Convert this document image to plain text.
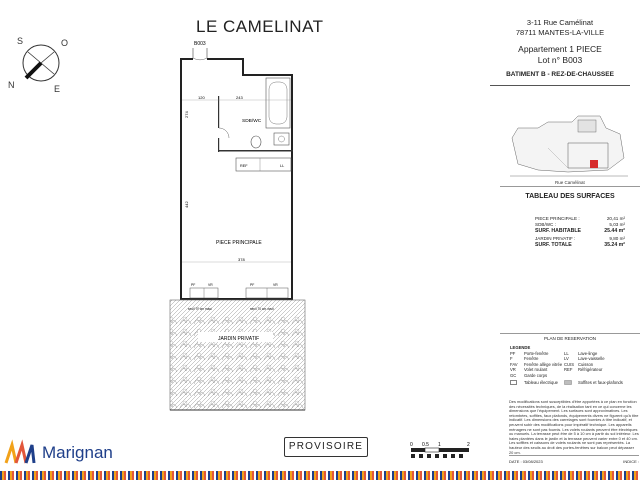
LE CAMELINAT
S	O
N	E
B003
REF	LL
120	243
274
442
378
SDB/WC
PIECE PRINCIPALE
PF	VR	PF	VR
JARDIN PRIVATIF
3-11 Rue Camélinat
78711 MANTES-LA-VILLE
Appartement 1 PIECE
Lot n° B003
BATIMENT B - REZ-DE-CHAUSSEE
Rue Camélinat
TABLEAU DES SURFACES
PIECE PRINCIPALE :	20,41 m²
SDB/WC :	5,03 m²
SURF. HABITABLE	25.44 m²
JARDIN PRIVATIF :	9,80 m²
SURF. TOTALE	35.24 m²
PLAN DE RESERVATION
LEGENDE
PF	Porte-fenêtre	LL	Lave-linge
F	Fenêtre	LV	Lave-vaisselle
FAV	Fenêtre allège vitrée CUIS Cuisson
VR	Volet roulant	REF	Réfrigérateur
GC	Garde corps
Tableau électrique	Soffites et faux-plafonds
Des modifications sont susceptibles d'être apportées à ce plan en fonction des nécessités techniques, de la réalisation tant en ce qui concerne les dimensions que l'équipement. Les surfaces sont approximatives. Les retombées, soffites, faux plafonds, équipements divers ne figurent qu'à titre indicatif. Les dimensions des carrelages sont fournies à titre indicatif, et peuvent subir des modifications pour impératif technique. Les appareils ménagers ne sont pas fournis. Les volets roulants peuvent être électriques ou manuels. La terrasse peut être de 5 à 10 cm à partir du sol intérieur. Les haies plantées dans le jardin et la terrasse peuvent varier entre 0 et 40 cm. Les soffites et caissons de volets roulants ne sont pas représentés. La hauteur des seuils au droit des portes-fenêtres sur balcon peut dépasser 20 cm.
DATE : 03/08/2023	INDICE :
Marignan	PROVISOIRE	0 0.5 1	2
